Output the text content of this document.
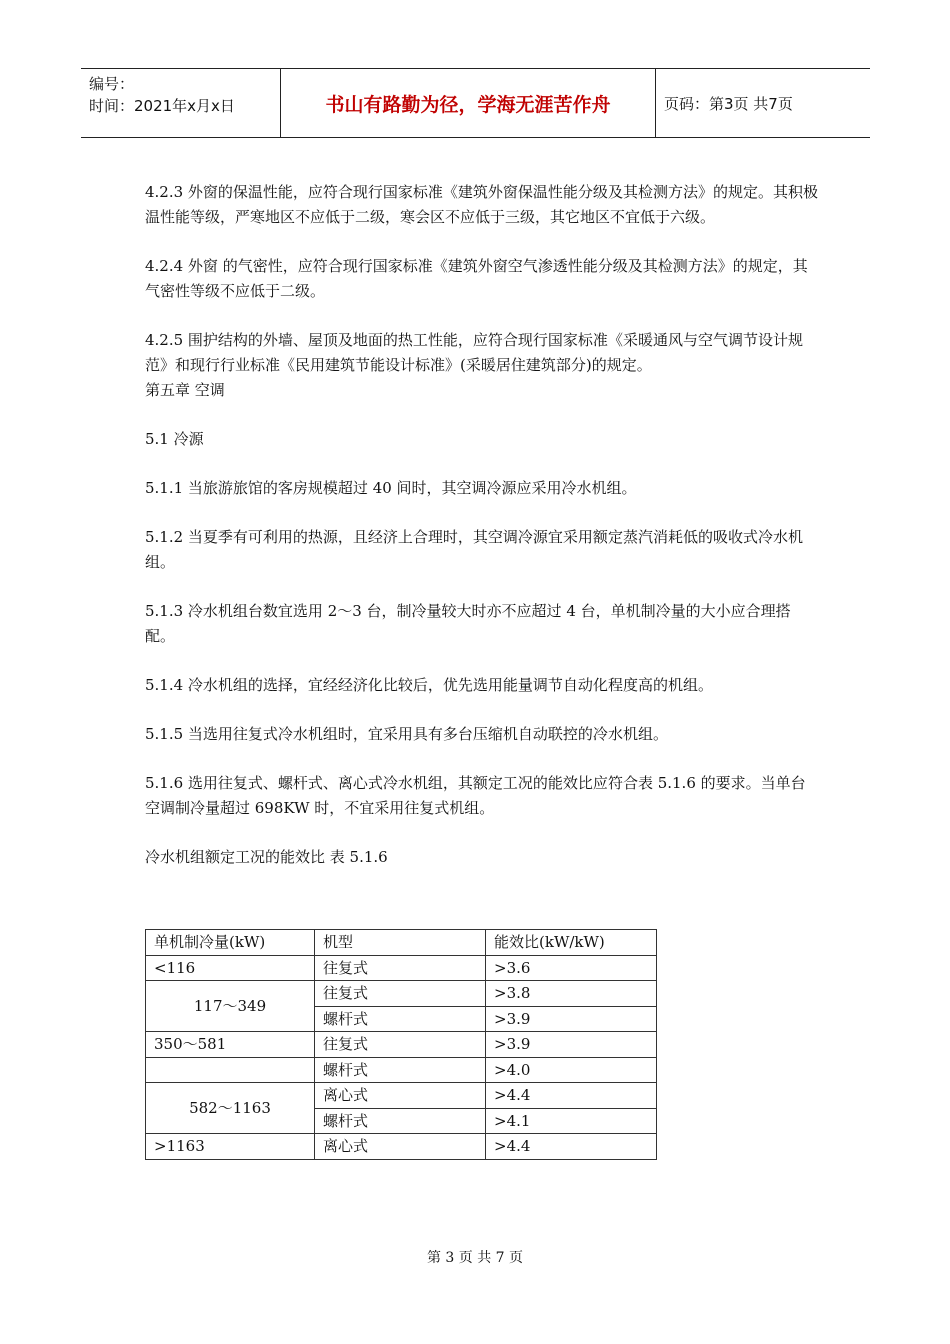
编号：
时间：2021年x月x日	书山有路勤为径，学海无涯苦作舟	页码：第3页 共7页

4.2.3 外窗的保温性能，应符合现行国家标准《建筑外窗保温性能分级及其检测方法》的规定。其积极温性能等级，严寒地区不应低于二级，寒会区不应低于三级，其它地区不宜低于六级。

4.2.4 外窗 的气密性，应符合现行国家标准《建筑外窗空气渗透性能分级及其检测方法》的规定，其气密性等级不应低于二级。

4.2.5 围护结构的外墙、屋顶及地面的热工性能，应符合现行国家标准《采暖通风与空气调节设计规范》和现行行业标准《民用建筑节能设计标准》(采暖居住建筑部分)的规定。

第五章 空调

5.1 冷源

5.1.1 当旅游旅馆的客房规模超过 40 间时，其空调冷源应采用冷水机组。

5.1.2 当夏季有可利用的热源，且经济上合理时，其空调冷源宜采用额定蒸汽消耗低的吸收式冷水机组。

5.1.3 冷水机组台数宜选用 2～3 台，制冷量较大时亦不应超过 4 台，单机制冷量的大小应合理搭配。

5.1.4 冷水机组的选择，宜经经济化比较后，优先选用能量调节自动化程度高的机组。

5.1.5 当选用往复式冷水机组时，宜采用具有多台压缩机自动联控的冷水机组。

5.1.6 选用往复式、螺杆式、离心式冷水机组，其额定工况的能效比应符合表 5.1.6 的要求。当单台空调制冷量超过 698KW 时，不宜采用往复式机组。

冷水机组额定工况的能效比 表 5.1.6

单机制冷量(kW)	机型	能效比(kW/kW)
<116	往复式	>3.6
117～349	往复式	>3.8
	螺杆式	>3.9
350～581	往复式	>3.9
	螺杆式	>4.0
582～1163	离心式	>4.4
	螺杆式	>4.1
>1163	离心式	>4.4
第 3 页 共 7 页
